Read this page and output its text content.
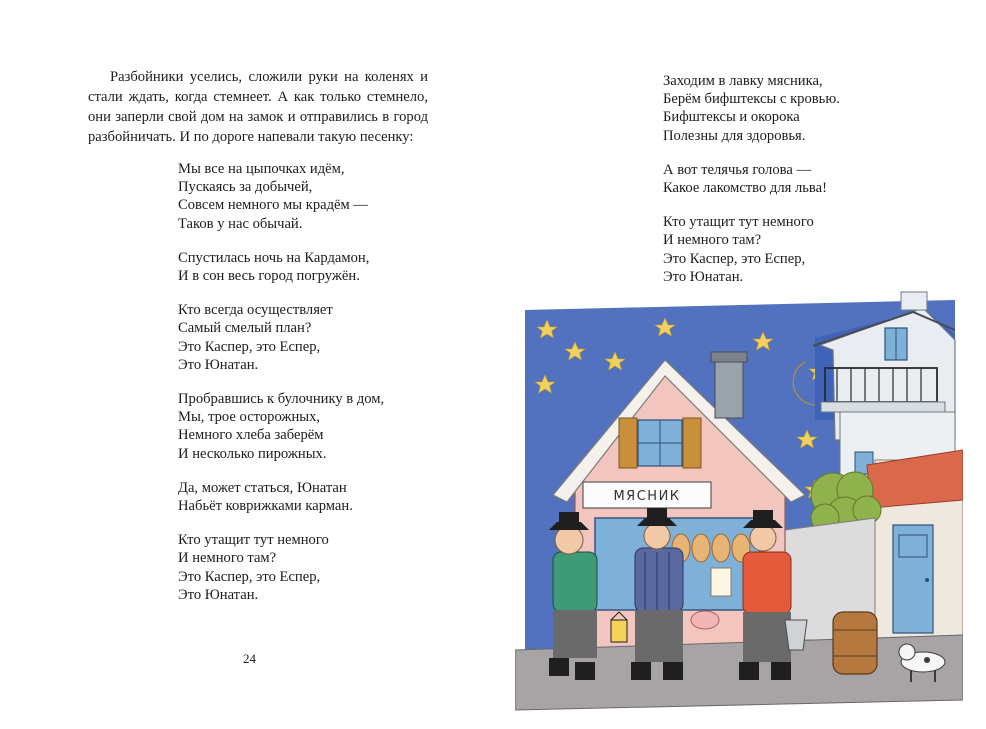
Разбойники уселись, сложили руки на коленях и стали ждать, когда стемнеет. А как только стемнело, они заперли свой дом на замок и отправились в город разбойничать. И по дороге напевали такую песенку:

Мы все на цыпочках идём,
Пускаясь за добычей,
Совсем немного мы крадём —
Таков у нас обычай.
Спустилась ночь на Кардамон,
И в сон весь город погружён.
Кто всегда осуществляет
Самый смелый план?
Это Каспер, это Еспер,
Это Юнатан.
Пробравшись к булочнику в дом,
Мы, трое осторожных,
Немного хлеба заберём
И несколько пирожных.
Да, может статься, Юнатан
Набьёт коврижками карман.
Кто утащит тут немного
И немного там?
Это Каспер, это Еспер,
Это Юнатан.
24
Заходим в лавку мясника,
Берём бифштексы с кровью.
Бифштексы и окорока
Полезны для здоровья.
А вот телячья голова —
Какое лакомство для льва!
Кто утащит тут немного
И немного там?
Это Каспер, это Еспер,
Это Юнатан.
МЯСНИК
